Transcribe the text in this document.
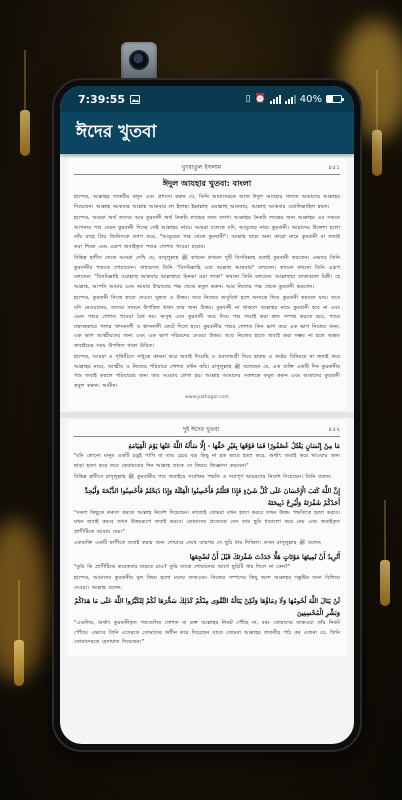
7:39:55	▯ ⏰	40%
ঈদের খুতবা
খুৎবাতুল ইসলাম	৪৫১
ঈদুল আযহার খুতবা: বাংলা

হাম্দের, আল্লাহর তাকবীর বলুন এবং প্রশংসা করুন যে, তিনি আমাদেরকে আজ ঈদুল আযহার সাদাত আমাদের আল্লাহর দিয়েছেন। আল্লাহ আকবার আল্লাহ আকবার লা ইলাহা ইল্লাল্লাহু ওয়াল্লাহু আকবার, আল্লাহু আকবার ওয়ালিল্লাহিল হামদ।

হাম্দের, আমরা অর্থ তাদের আর কুরবানী অর্থ নৈকট্য লাভের জন্য ত্যাগ। আল্লাহর নৈকট্য লাভের জন্য আল্লাহর এর সামনে আপনার পশু যেমন কুরবানী দিচ্ছে সেই আল্লাহর নামে। আমরা বলেছে যদি, আমুত্রের নামে কুরবানী। আমাদের উদ্দেশ্য হলো তাঁর রাহে প্রিয় জিনিসকে ত্যাগ করে, "আমুত্রের পক্ষ থেকে কুরবানী"। আল্লাহ ছাড়া অন্য কারো নামে কুরবানী বা জবাই করা শিরক এবং এরূপ জবাইকৃত পশুর গোশত খাওয়া হারাম।

বিভিন্ন হাদীস থেকে আমরা দেখি যে, রাসূলুল্লাহ ﷺ কখনো কখনো দুটি বিসমিল্লাহ বলেই কুরবানী করতেন। এভাবে তিনি কুরবানীর পশুকে শোয়াতেন। সাধারণত তিনি "বিসমিল্লাহি ওয়া আল্লাহু আকবার" বলতেন। কখনো কখনো তিনি এরূপ বলতেন: "বিসমিল্লাহি ওয়াল্লাহু আকবার আল্লাহুম্মা মিনকা ওয়া লাকা" কখনো তিনি বলতেন: আল্লাহুম্মা তাকাব্বাল মিন্নী। হে আল্লাহ, আপনি আমার এবং আমার উম্মাতের পক্ষ থেকে কবুল করুন। আর নিজের পক্ষ থেকে কুরবানী করতেন।

হাম্দের, কুরবানী নিজে হাতে দেওয়া সুন্নাত ও উত্তম। তবে নিজের অসুবিধা হলে অন্যকে দিয়ে কুরবানী করানো যায়। তবে যদি নেওয়ানের, তাদের সামনে উপস্থিত থাকা তার জন্য উত্তম। কুরবানী না থাকলে আল্লাহর নামে কুরবানী হবে না এবং এমন পশুর গোশত খাওয়া বৈধ নয়। অসুস্থ এবং কুরবানী করে দিয়ে পশু জবাই করা দ্রুত সম্পন্ন করতে হবে, পশুর যত্নসহকারে গলার খাদ্যনালী ও শ্বাসনালী কেটে দিতে হবে। কুরবানীর পশুর গোশত তিন ভাগ করে এক ভাগ নিজের জন্য, এক ভাগ আত্মীয়দের জন্য এবং এক ভাগ দরিদ্রদের দেওয়া উত্তম। আর নিজের হাতে জবাই করা সম্ভব না হলে অন্তত জবাইয়ের সময় উপস্থিত থাকা উচিত।

হাম্দের, আমরা ও পৃথিবীতে সাধুকে কামনা করে জবাই দিয়েছি ও দ্রব্যসামগ্রী দিয়ে হারাম ও কষ্টের বিনিময়ে না জবাই করে আল্লাহর নামে, আত্মীয় ও নিজের পরিবারে গোশত বন্টন করি। রাসূলুল্লাহ ﷺ বলেছেন যে, এক ব্যক্তি একটি দিন কুরবানীর পশু জবাই করলে পরিবারের জন্য তার সওয়াব লেখা হয়। আল্লাহ আমাদের সকলকে কবুল করুন এবং আমাদের কুরবানী কবুল করুন। আমীন।

www.pathagar.com
দুই ঈদের খুতবা	৪৫২

مَا مِنْ إِنْسَانٍ يَقْتُلُ عُصْفُورًا فَمَا فَوْقَهَا بِغَيْرِ حَقِّهَا - إِلَّا سَأَلَهُ اللَّهُ عَنْهَا يَوْمَ الْقِيَامَةِ

"যদি কোনো মানুষ একটি চড়ুই পাখি বা তার চেয়ে বড় কিছু না হক ভাবে হত্যা করে, অর্থাৎ জবাই করে খাওয়ার জন্য ছাড়া হত্যা করে তবে কেয়ামতের দিন আল্লাহ তাকে সে বিষয়ে জিজ্ঞাসা করবেন।"

বিভিন্ন হাদীসে রাসূলুল্লাহ ﷺ কুরবানীর পশু জবাইয়ে সর্বোত্তম পদ্ধতি ও দয়াপূর্ণ আচরণের নির্দেশ দিয়েছেন। তিনি বলেন:

إِنَّ اللَّهَ كَتَبَ الْإِحْسَانَ عَلَى كُلِّ شَيْءٍ فَإِذَا قَتَلْتُمْ فَأَحْسِنُوا الْقِتْلَةَ وَإِذَا ذَبَحْتُمْ فَأَحْسِنُوا الذَّبْحَةَ وَلْيُحِدَّ أَحَدُكُمْ شَفْرَتَهُ وَلْيُرِحْ ذَبِيحَتَهُ

"সকল কিছুকে করুণা করতে আল্লাহ নির্দেশ দিয়েছেন। কাজেই তোমরা যখন হত্যা করবে তখন উত্তম পদ্ধতিতে হত্যা করবে। যখন জবাই করবে তখন উত্তমরূপে জবাই করবে। তোমাদের প্রত্যেকে যেন তার ছুরি ধারালো করে নেয় এবং জবাইকৃত প্রাণীটিকে আরাম দেয়।"

একব্যক্তি একটি ছাগীকে জবাই করার জন্য শোয়ায়ে দেখে তারপর সে ছুরি ধার দিচ্ছিল। তখন রাসূলুল্লাহ ﷺ বলেন:

أَتُرِيدُ أَنْ تُمِيتَهَا مَوْتَاتٍ هَلَّا حَدَدْتَ شَفْرَتَكَ قَبْلَ أَنْ تُضْجِعَهَا

"তুমি কি প্রাণীটিকে কয়েকবার মারতে চাও? তুমি তাকে শোয়ানোর আগে ছুরিটি ধার দিলে না কেন?"

হাম্দের, আমাদের কুরবানীর মূল বিষয় হলো মনের তাকওয়া। নিজের সম্পদের কিছু অংশ আল্লাহর সন্তুষ্টির জন্য বিলিয়ে দেওয়া। আল্লাহ বলেন:

لَنْ يَنَالَ اللَّهَ لُحُومُهَا وَلَا دِمَاؤُهَا وَلَكِنْ يَنَالُهُ التَّقْوَى مِنْكُمْ كَذَلِكَ سَخَّرَهَا لَكُمْ لِتُكَبِّرُوا اللَّهَ عَلَى مَا هَدَاكُمْ وَبَشِّرِ الْمُحْسِنِينَ

"এগুলির, অর্থাৎ কুরবানীকৃত পশুগুলির গোশত বা রক্ত আল্লাহর নিকট পৌঁছে না, বরং তোমাদের তাকওয়া তাঁর নিকট পৌঁছে। এভাবে তিনি এদেরকে তোমাদের অধীন করে দিয়েছেন যাতে তোমরা আল্লাহর তাকবীর পাঠ কর এজন্য যে, তিনি তোমাদেরকে হেদায়াত দিয়েছেন।"
